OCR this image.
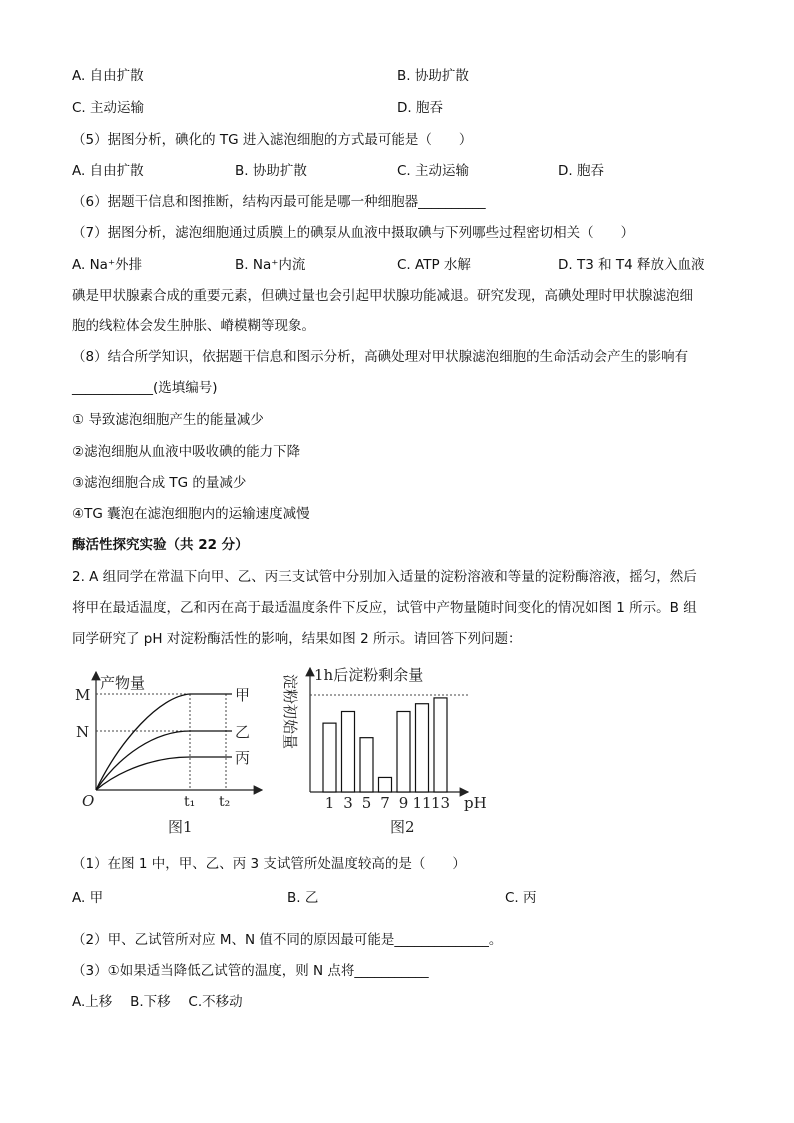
A. 自由扩散	B. 协助扩散
C. 主动运输	D. 胞吞
（5）据图分析，碘化的 TG 进入滤泡细胞的方式最可能是（　　）
A. 自由扩散	B. 协助扩散	C. 主动运输	D. 胞吞
（6）据题干信息和图推断，结构丙最可能是哪一种细胞器__________
（7）据图分析，滤泡细胞通过质膜上的碘泵从血液中摄取碘与下列哪些过程密切相关（　　）
A. Na⁺外排	B. Na⁺内流	C. ATP 水解	D. T3 和 T4 释放入血液
碘是甲状腺素合成的重要元素，但碘过量也会引起甲状腺功能减退。研究发现，高碘处理时甲状腺滤泡细
胞的线粒体会发生肿胀、嵴模糊等现象。
（8）结合所学知识，依据题干信息和图示分析，高碘处理对甲状腺滤泡细胞的生命活动会产生的影响有
____________(选填编号)
① 导致滤泡细胞产生的能量减少
②滤泡细胞从血液中吸收碘的能力下降
③滤泡细胞合成 TG 的量减少
④TG 囊泡在滤泡细胞内的运输速度减慢
酶活性探究实验（共 22 分）
2. A 组同学在常温下向甲、乙、丙三支试管中分别加入适量的淀粉溶液和等量的淀粉酶溶液，摇匀，然后
将甲在最适温度，乙和丙在高于最适温度条件下反应，试管中产物量随时间变化的情况如图 1 所示。B 组
同学研究了 pH 对淀粉酶活性的影响，结果如图 2 所示。请回答下列问题：
产物量
M
N
O	t₁ t₂
甲
乙
丙
图1
1 3 5 7 9 11 13
1h后淀粉剩余量
淀粉初始量
pH
图2
（1）在图 1 中，甲、乙、丙 3 支试管所处温度较高的是（　　）
A. 甲	B. 乙	C. 丙
（2）甲、乙试管所对应 M、N 值不同的原因最可能是______________。
（3）①如果适当降低乙试管的温度，则 N 点将___________
A.上移　 B.下移　 C.不移动
